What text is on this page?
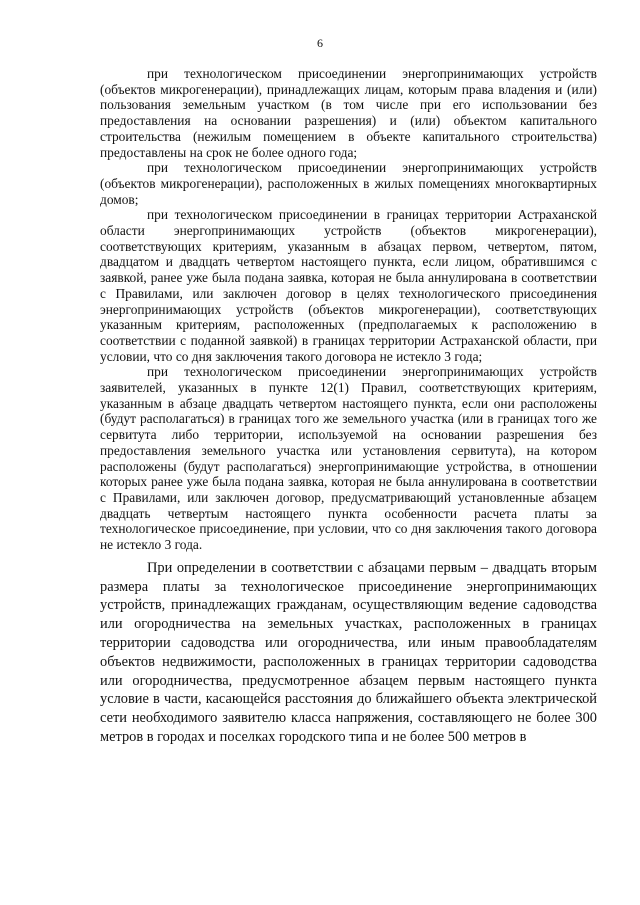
6

при технологическом присоединении энергопринимающих устройств (объектов микрогенерации), принадлежащих лицам, которым права владения и (или) пользования земельным участком (в том числе при его использовании без предоставления на основании разрешения) и (или) объектом капитального строительства (нежилым помещением в объекте капитального строительства) предоставлены на срок не более одного года;

при технологическом присоединении энергопринимающих устройств (объектов микрогенерации), расположенных в жилых помещениях многоквартирных домов;

при технологическом присоединении в границах территории Астраханской области энергопринимающих устройств (объектов микрогенерации), соответствующих критериям, указанным в абзацах первом, четвертом, пятом, двадцатом и двадцать четвертом настоящего пункта, если лицом, обратившимся с заявкой, ранее уже была подана заявка, которая не была аннулирована в соответствии с Правилами, или заключен договор в целях технологического присоединения энергопринимающих устройств (объектов микрогенерации), соответствующих указанным критериям, расположенных (предполагаемых к расположению в соответствии с поданной заявкой) в границах территории Астраханской области, при условии, что со дня заключения такого договора не истекло 3 года;

при технологическом присоединении энергопринимающих устройств заявителей, указанных в пункте 12(1) Правил, соответствующих критериям, указанным в абзаце двадцать четвертом настоящего пункта, если они расположены (будут располагаться) в границах того же земельного участка (или в границах того же сервитута либо территории, используемой на основании разрешения без предоставления земельного участка или установления сервитута), на котором расположены (будут располагаться) энергопринимающие устройства, в отношении которых ранее уже была подана заявка, которая не была аннулирована в соответствии с Правилами, или заключен договор, предусматривающий установленные абзацем двадцать четвертым настоящего пункта особенности расчета платы за технологическое присоединение, при условии, что со дня заключения такого договора не истекло 3 года.

При определении в соответствии с абзацами первым – двадцать вторым размера платы за технологическое присоединение энергопринимающих устройств, принадлежащих гражданам, осуществляющим ведение садоводства или огородничества на земельных участках, расположенных в границах территории садоводства или огородничества, или иным правообладателям объектов недвижимости, расположенных в границах территории садоводства или огородничества, предусмотренное абзацем первым настоящего пункта условие в части, касающейся расстояния до ближайшего объекта электрической сети необходимого заявителю класса напряжения, составляющего не более 300 метров в городах и поселках городского типа и не более 500 метров в
